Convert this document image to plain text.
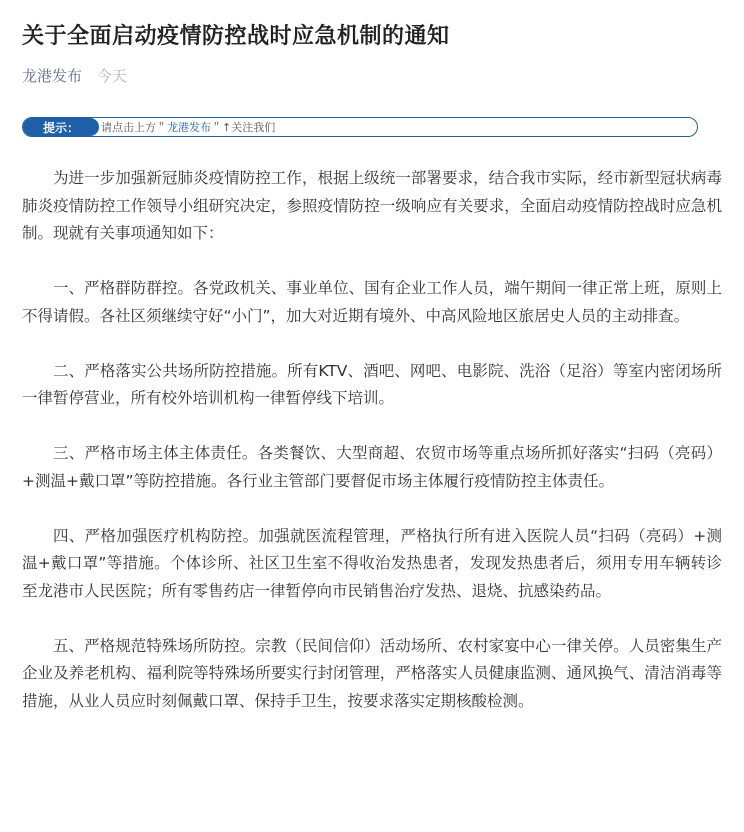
关于全面启动疫情防控战时应急机制的通知
龙港发布 今天
提示：	请点击上方＂龙港发布＂↑关注我们

为进一步加强新冠肺炎疫情防控工作，根据上级统一部署要求，结合我市实际，经市新型冠状病毒肺炎疫情防控工作领导小组研究决定，参照疫情防控一级响应有关要求，全面启动疫情防控战时应急机制。现就有关事项通知如下：

一、严格群防群控。各党政机关、事业单位、国有企业工作人员，端午期间一律正常上班，原则上不得请假。各社区须继续守好“小门”，加大对近期有境外、中高风险地区旅居史人员的主动排查。

二、严格落实公共场所防控措施。所有KTV、酒吧、网吧、电影院、洗浴（足浴）等室内密闭场所一律暂停营业，所有校外培训机构一律暂停线下培训。

三、严格市场主体主体责任。各类餐饮、大型商超、农贸市场等重点场所抓好落实“扫码（亮码）+测温+戴口罩”等防控措施。各行业主管部门要督促市场主体履行疫情防控主体责任。

四、严格加强医疗机构防控。加强就医流程管理，严格执行所有进入医院人员“扫码（亮码）+测温+戴口罩”等措施。个体诊所、社区卫生室不得收治发热患者，发现发热患者后，须用专用车辆转诊至龙港市人民医院；所有零售药店一律暂停向市民销售治疗发热、退烧、抗感染药品。

五、严格规范特殊场所防控。宗教（民间信仰）活动场所、农村家宴中心一律关停。人员密集生产企业及养老机构、福利院等特殊场所要实行封闭管理，严格落实人员健康监测、通风换气、清洁消毒等措施，从业人员应时刻佩戴口罩、保持手卫生，按要求落实定期核酸检测。
